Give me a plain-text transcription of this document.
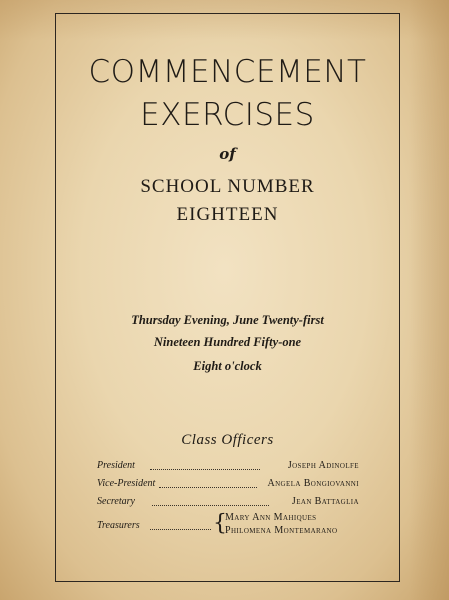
COMMENCEMENT
EXERCISES
of
SCHOOL NUMBER
EIGHTEEN
Thursday Evening, June Twenty-first
Nineteen Hundred Fifty-one
Eight o'clock
Class Officers
President	Joseph Adinolfe
Vice-President	Angela Bongiovanni
Secretary	Jean Battaglia
Treasurers	{
Mary Ann Mahiques
Philomena Montemarano
